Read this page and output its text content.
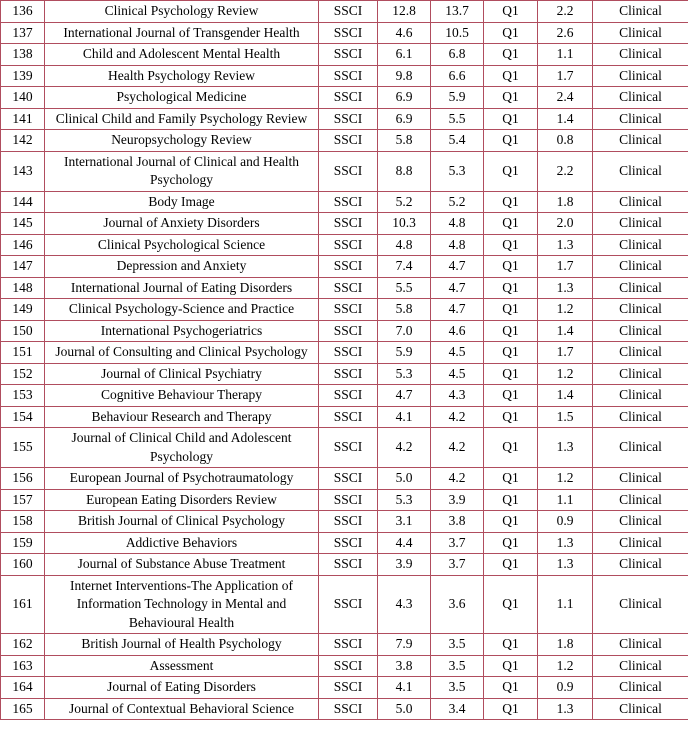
136	Clinical Psychology Review	SSCI	12.8	13.7	Q1	2.2	Clinical
137	International Journal of Transgender Health	SSCI	4.6	10.5	Q1	2.6	Clinical
138	Child and Adolescent Mental Health	SSCI	6.1	6.8	Q1	1.1	Clinical
139	Health Psychology Review	SSCI	9.8	6.6	Q1	1.7	Clinical
140	Psychological Medicine	SSCI	6.9	5.9	Q1	2.4	Clinical
141	Clinical Child and Family Psychology Review	SSCI	6.9	5.5	Q1	1.4	Clinical
142	Neuropsychology Review	SSCI	5.8	5.4	Q1	0.8	Clinical
143	International Journal of Clinical and Health Psychology	SSCI	8.8	5.3	Q1	2.2	Clinical
144	Body Image	SSCI	5.2	5.2	Q1	1.8	Clinical
145	Journal of Anxiety Disorders	SSCI	10.3	4.8	Q1	2.0	Clinical
146	Clinical Psychological Science	SSCI	4.8	4.8	Q1	1.3	Clinical
147	Depression and Anxiety	SSCI	7.4	4.7	Q1	1.7	Clinical
148	International Journal of Eating Disorders	SSCI	5.5	4.7	Q1	1.3	Clinical
149	Clinical Psychology-Science and Practice	SSCI	5.8	4.7	Q1	1.2	Clinical
150	International Psychogeriatrics	SSCI	7.0	4.6	Q1	1.4	Clinical
151	Journal of Consulting and Clinical Psychology	SSCI	5.9	4.5	Q1	1.7	Clinical
152	Journal of Clinical Psychiatry	SSCI	5.3	4.5	Q1	1.2	Clinical
153	Cognitive Behaviour Therapy	SSCI	4.7	4.3	Q1	1.4	Clinical
154	Behaviour Research and Therapy	SSCI	4.1	4.2	Q1	1.5	Clinical
155	Journal of Clinical Child and Adolescent Psychology	SSCI	4.2	4.2	Q1	1.3	Clinical
156	European Journal of Psychotraumatology	SSCI	5.0	4.2	Q1	1.2	Clinical
157	European Eating Disorders Review	SSCI	5.3	3.9	Q1	1.1	Clinical
158	British Journal of Clinical Psychology	SSCI	3.1	3.8	Q1	0.9	Clinical
159	Addictive Behaviors	SSCI	4.4	3.7	Q1	1.3	Clinical
160	Journal of Substance Abuse Treatment	SSCI	3.9	3.7	Q1	1.3	Clinical
161	Internet Interventions-The Application of Information Technology in Mental and Behavioural Health	SSCI	4.3	3.6	Q1	1.1	Clinical
162	British Journal of Health Psychology	SSCI	7.9	3.5	Q1	1.8	Clinical
163	Assessment	SSCI	3.8	3.5	Q1	1.2	Clinical
164	Journal of Eating Disorders	SSCI	4.1	3.5	Q1	0.9	Clinical
165	Journal of Contextual Behavioral Science	SSCI	5.0	3.4	Q1	1.3	Clinical
